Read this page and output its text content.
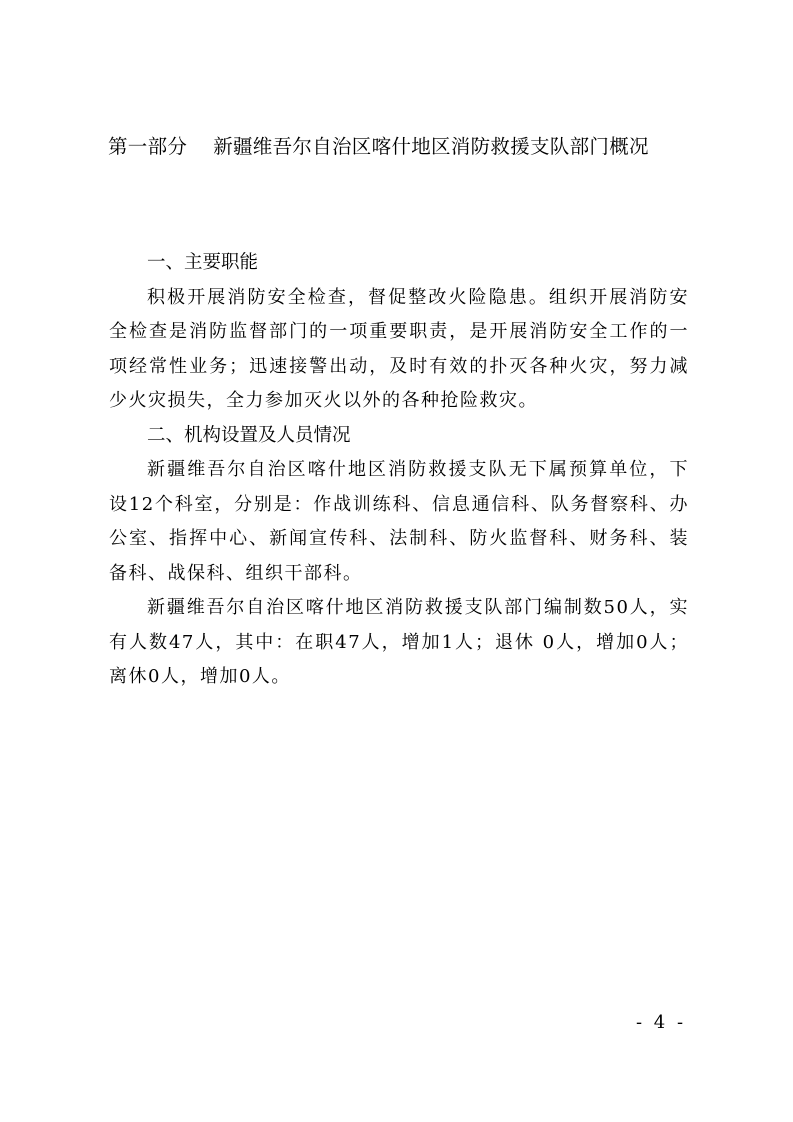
第一部分 新疆维吾尔自治区喀什地区消防救援支队部门概况

一、主要职能

积极开展消防安全检查，督促整改火险隐患。组织开展消防安全检查是消防监督部门的一项重要职责，是开展消防安全工作的一项经常性业务；迅速接警出动，及时有效的扑灭各种火灾，努力减少火灾损失，全力参加灭火以外的各种抢险救灾。

二、机构设置及人员情况

新疆维吾尔自治区喀什地区消防救援支队无下属预算单位，下设12个科室，分别是：作战训练科、信息通信科、队务督察科、办公室、指挥中心、新闻宣传科、法制科、防火监督科、财务科、装备科、战保科、组织干部科。

新疆维吾尔自治区喀什地区消防救援支队部门编制数50人，实有人数47人，其中：在职47人，增加1人；退休 0人，增加0人；离休0人，增加0人。

- 4 -
